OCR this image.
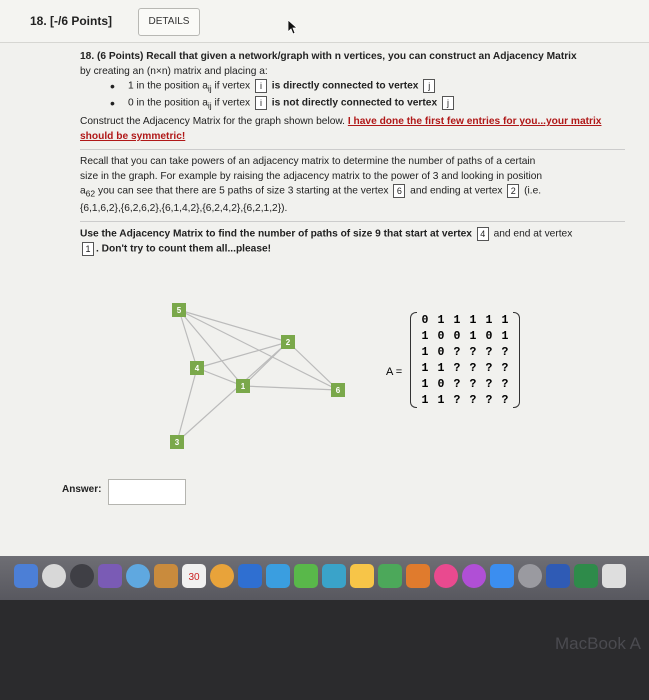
18. [-/6 Points]	DETAILS

18. (6 Points) Recall that given a network/graph with n vertices, you can construct an Adjacency Matrix
by creating an (n×n) matrix and placing a:

•	1 in the position $a_{ij}$ if vertex i is directly connected to vertex j
•	0 in the position $a_{ij}$ if vertex i is not directly connected to vertex j

Construct the Adjacency Matrix for the graph shown below. I have done the first few entries for you...your matrix should be symmetric!

Recall that you can take powers of an adjacency matrix to determine the number of paths of a certain
size in the graph. For example by raising the adjacency matrix to the power of 3 and looking in position
$a_{62}$ you can see that there are 5 paths of size 3 starting at the vertex 6 and ending at vertex 2 (i.e.
{6,1,6,2},{6,2,6,2},{6,1,4,2},{6,2,4,2},{6,2,1,2}).

Use the Adjacency Matrix to find the number of paths of size 9 that start at vertex 4 and end at vertex
1 . Don't try to count them all...please!

5
2
4
1	6
3
A =
0	1	1	1	1	1
1	0	0	1	0	1
1	0	?	?	?	?
1	1	?	?	?	?
1	0	?	?	?	?
1	1	?	?	?	?
Answer:
30
MacBook A
